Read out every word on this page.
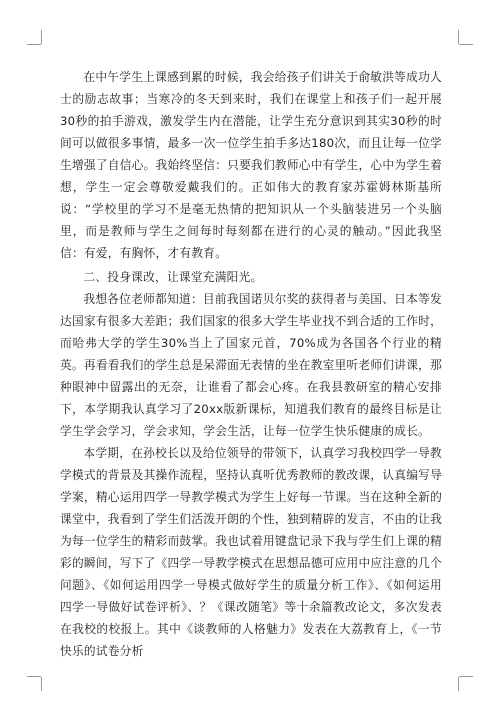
在中午学生上课感到累的时候，我会给孩子们讲关于俞敏洪等成功人士的励志故事；当寒冷的冬天到来时，我们在课堂上和孩子们一起开展30秒的拍手游戏，激发学生内在潜能，让学生充分意识到其实30秒的时间可以做很多事情，最多一次一位学生拍手多达180次，而且让每一位学生增强了自信心。我始终坚信：只要我们教师心中有学生，心中为学生着想，学生一定会尊敬爱戴我们的。正如伟大的教育家苏霍姆林斯基所说：“学校里的学习不是毫无热情的把知识从一个头脑装进另一个头脑里，而是教师与学生之间每时每刻都在进行的心灵的触动。”因此我坚信：有爱，有胸怀，才有教育。

二、投身课改，让课堂充满阳光。

我想各位老师都知道：目前我国诺贝尔奖的获得者与美国、日本等发达国家有很多大差距；我们国家的很多大学生毕业找不到合适的工作时，而哈弗大学的学生30%当上了国家元首，70%成为各国各个行业的精英。再看看我们的学生总是呆滞面无表情的坐在教室里听老师们讲课，那种眼神中留露出的无奈，让谁看了都会心疼。在我县教研室的精心安排下，本学期我认真学习了20xx版新课标，知道我们教育的最终目标是让学生学会学习，学会求知，学会生活，让每一位学生快乐健康的成长。

本学期，在孙校长以及给位领导的带领下，认真学习我校四学一导教学模式的背景及其操作流程，坚持认真听优秀教师的教改课，认真编写导学案，精心运用四学一导教学模式为学生上好每一节课。当在这种全新的课堂中，我看到了学生们活泼开朗的个性，独到精辟的发言，不由的让我为每一位学生的精彩而鼓掌。我也试着用键盘记录下我与学生们上课的精彩的瞬间，写下了《四学一导教学模式在思想品德可应用中应注意的几个问题》、《如何运用四学一导模式做好学生的质量分析工作》、《如何运用四学一导做好试卷评析》、？《课改随笔》等十余篇教改论文，多次发表在我校的校报上。其中《谈教师的人格魅力》发表在大荔教育上，《一节快乐的试卷分析
